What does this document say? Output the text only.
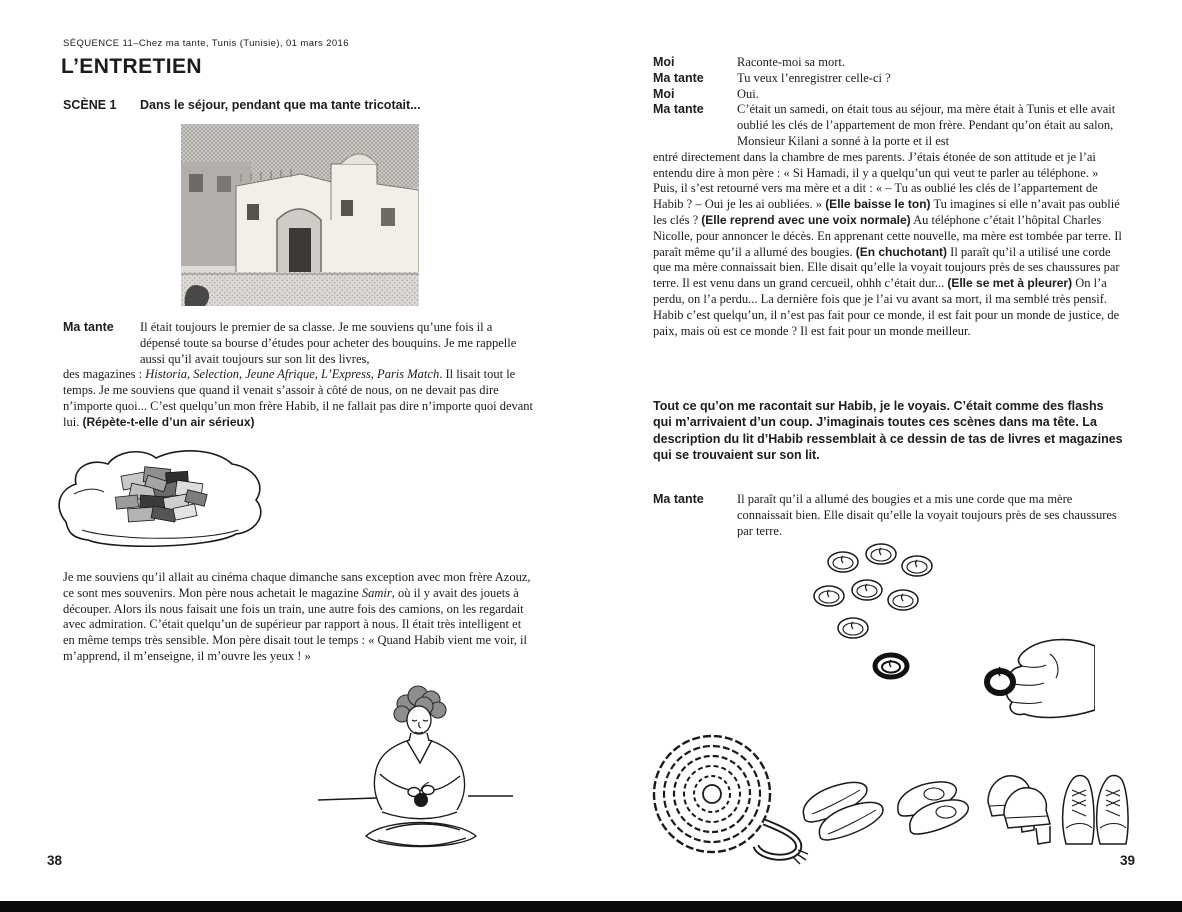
SÉQUENCE 11–Chez ma tante, Tunis (Tunisie), 01 mars 2016
L’ENTRETIEN
SCÈNE 1	Dans le séjour, pendant que ma tante tricotait...
Ma tante	Il était toujours le premier de sa classe. Je me souviens qu’une fois il a dépensé toute sa bourse d’études pour acheter des bouquins. Je me rappelle aussi qu’il avait toujours sur son lit des livres,
des magazines : Historia, Selection, Jeune Afrique, L’Express, Paris Match. Il lisait tout le temps. Je me souviens que quand il venait s’assoir à côté de nous, on ne devait pas dire n’importe quoi... C’est quelqu’un mon frère Habib, il ne fallait pas dire n’importe quoi devant lui. (Répète-t-elle d’un air sérieux)
Je me souviens qu’il allait au cinéma chaque dimanche sans exception avec mon frère Azouz, ce sont mes souvenirs. Mon père nous achetait le magazine Samir, où il y avait des jouets à découper. Alors ils nous faisait une fois un train, une autre fois des camions, on les regardait avec admiration. C’était quelqu’un de supérieur par rapport à nous. Il était très intelligent et en même temps très sensible. Mon père disait tout le temps : « Quand Habib vient me voir, il m’apprend, il m’enseigne, il m’ouvre les yeux ! »
38
Moi	Raconte-moi sa mort.
Ma tante	Tu veux l’enregistrer celle-ci ?
Moi	Oui.
Ma tante	C’était un samedi, on était tous au séjour, ma mère était à Tunis et elle avait oublié les clés de l’appartement de mon frère. Pendant qu’on était au salon, Monsieur Kilani a sonné à la porte et il est
entré directement dans la chambre de mes parents. J’étais étonée de son attitude et je l’ai entendu dire à mon père : « Si Hamadi, il y a quelqu’un qui veut te parler au téléphone. » Puis, il s’est retourné vers ma mère et a dit : « – Tu as oublié les clés de l’appartement de Habib ? – Oui je les ai oubliées. » (Elle baisse le ton) Tu imagines si elle n’avait pas oublié les clés ? (Elle reprend avec une voix normale) Au téléphone c’était l’hôpital Charles Nicolle, pour annoncer le décès. En apprenant cette nouvelle, ma mère est tombée par terre. Il paraît même qu’il a allumé des bougies. (En chuchotant) Il paraît qu’il a utilisé une corde que ma mère connaissait bien. Elle disait qu’elle la voyait toujours près de ses chaussures par terre. Il est venu dans un grand cercueil, ohhh c’était dur... (Elle se met à pleurer) On l’a perdu, on l’a perdu... La dernière fois que je l’ai vu avant sa mort, il ma semblé très pensif. Habib c’est quelqu’un, il n’est pas fait pour ce monde, il est fait pour un monde de justice, de paix, mais où est ce monde ? Il est fait pour un monde meilleur.
Tout ce qu’on me racontait sur Habib, je le voyais. C’était comme des flashs qui m’arrivaient d’un coup. J’imaginais toutes ces scènes dans ma tête. La description du lit d’Habib ressemblait à ce dessin de tas de livres et magazines qui se trouvaient sur son lit.
Ma tante	Il paraît qu’il a allumé des bougies et a mis une corde que ma mère connaissait bien. Elle disait qu’elle la voyait toujours près de ses chaussures par terre.
39
